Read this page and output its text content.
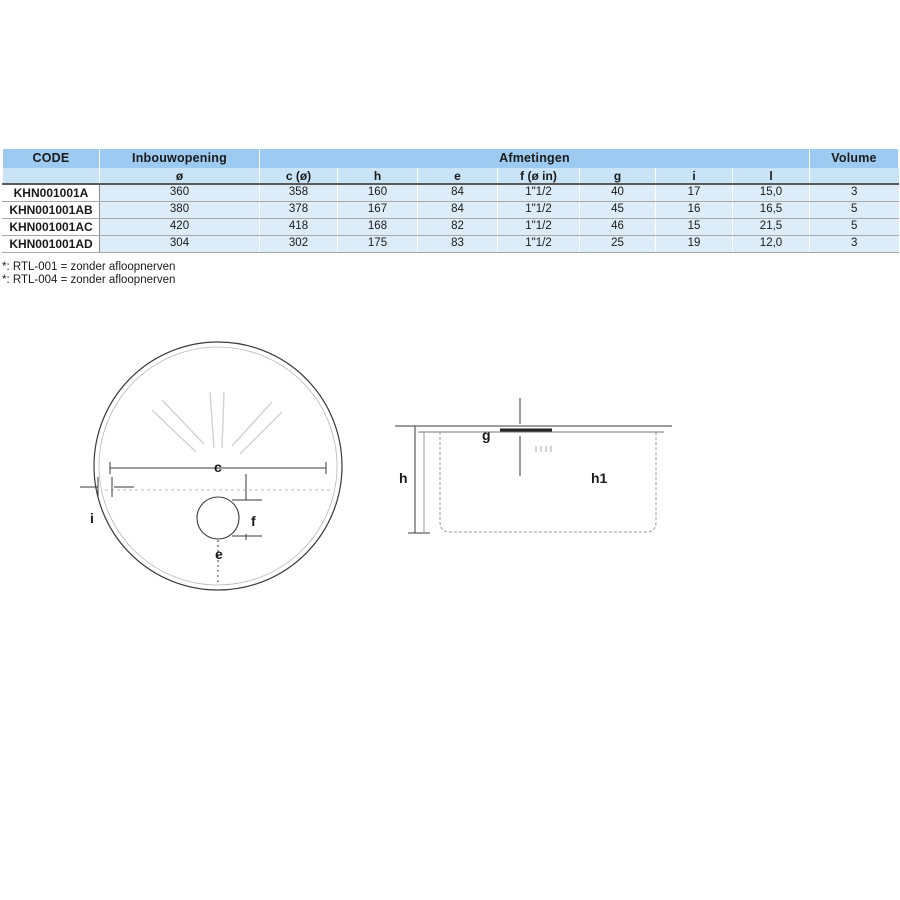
CODE	Inbouwopening	Afmetingen							Volume	
	ø	c (ø)	h	e	f (ø in)	g	i	l		
KHN001001A	360	358	160	84	1"1/2	40	17	15,0	3	
KHN001001AB	380	378	167	84	1"1/2	45	16	16,5	5	
KHN001001AC	420	418	168	82	1"1/2	46	15	21,5	5	
KHN001001AD	304	302	175	83	1"1/2	25	19	12,0	3	
*: RTL-001 = zonder afloopnerven
*: RTL-004 = zonder afloopnerven
c
i	f
e
g
h	h1
